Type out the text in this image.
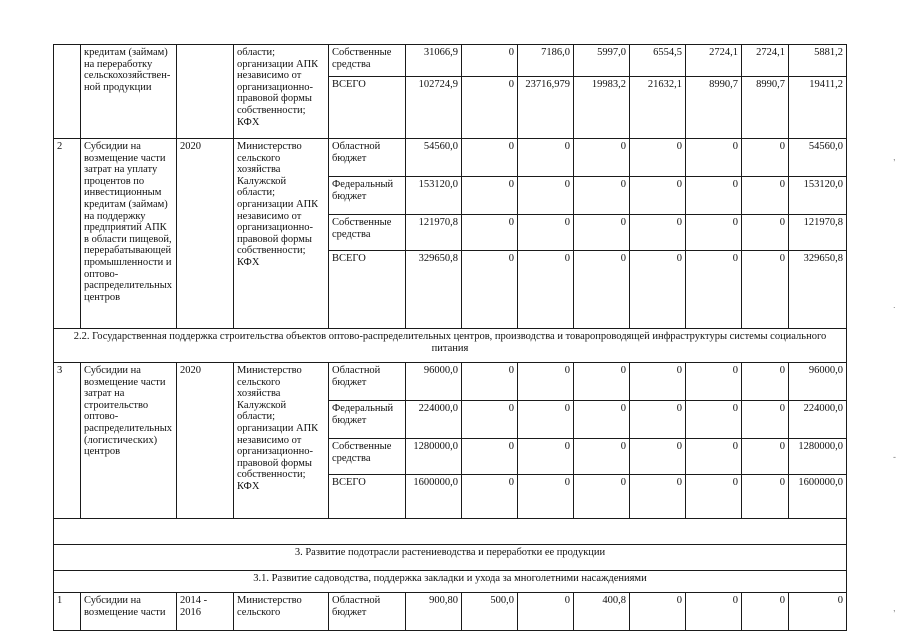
	кредитам (займам) на переработку сельскохозяйствен-ной продукции		области; организации АПК независимо от организационно-правовой формы собственности; КФХ	Собственные средства	31066,9	0	7186,0	5997,0	6554,5	2724,1	2724,1	5881,2
				ВСЕГО	102724,9	0	23716,979	19983,2	21632,1	8990,7	8990,7	19411,2
2	Субсидии на возмещение части затрат на уплату процентов по инвестиционным кредитам (займам) на поддержку предприятий АПК в области пищевой, перерабатывающей промышленности и оптово-распределительных центров	2020	Министерство сельского хозяйства Калужской области; организации АПК независимо от организационно-правовой формы собственности; КФХ	Областной бюджет	54560,0	0	0	0	0	0	0	54560,0
				Федеральный бюджет	153120,0	0	0	0	0	0	0	153120,0
				Собственные средства	121970,8	0	0	0	0	0	0	121970,8
				ВСЕГО	329650,8	0	0	0	0	0	0	329650,8
2.2. Государственная поддержка строительства объектов оптово-распределительных центров, производства и товаропроводящей инфраструктуры системы социального питания												
3	Субсидии на возмещение части затрат на строительство оптово-распределительных (логистических) центров	2020	Министерство сельского хозяйства Калужской области; организации АПК независимо от организационно-правовой формы собственности; КФХ	Областной бюджет	96000,0	0	0	0	0	0	0	96000,0
				Федеральный бюджет	224000,0	0	0	0	0	0	0	224000,0
				Собственные средства	1280000,0	0	0	0	0	0	0	1280000,0
				ВСЕГО	1600000,0	0	0	0	0	0	0	1600000,0

3. Развитие подотрасли растениеводства и переработки ее продукции												
3.1. Развитие садоводства, поддержка закладки и ухода за многолетними насаждениями												
1	Субсидии на возмещение части	2014 - 2016	Министерство сельского	Областной бюджет	900,80	500,0	0	400,8	0	0	0	0
,
.
-
,
